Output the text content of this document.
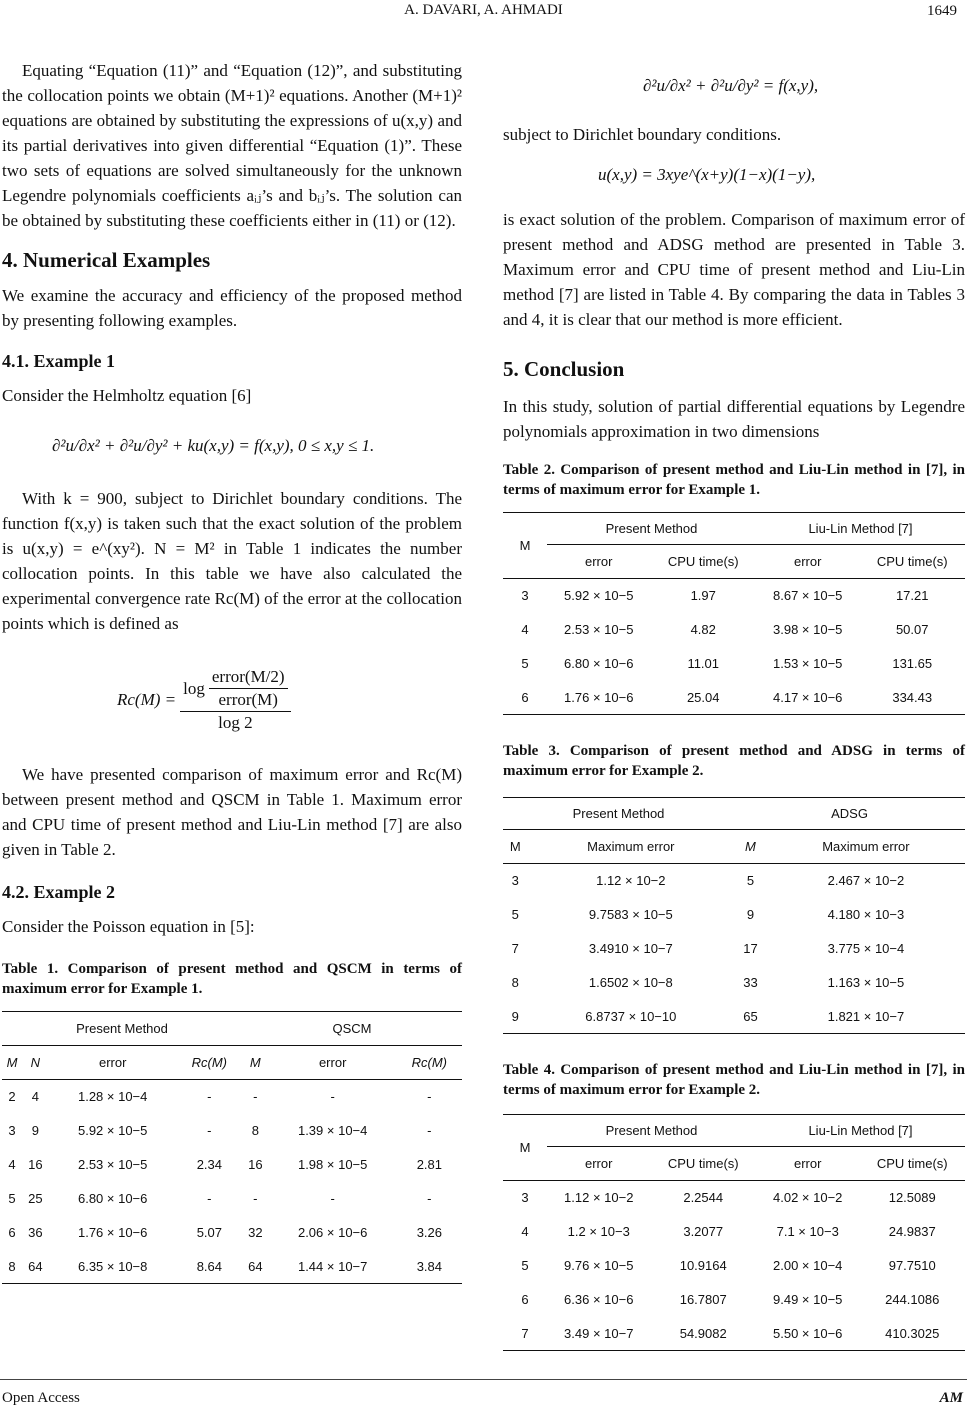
A. DAVARI, A. AHMADI	1649

Equating “Equation (11)” and “Equation (12)”, and substituting the collocation points we obtain (M+1)² equations. Another (M+1)² equations are obtained by substituting the expressions of u(x,y) and its partial derivatives into given differential “Equation (1)”. These two sets of equations are solved simultaneously for the unknown Legendre polynomials coefficients aᵢⱼ’s and bᵢⱼ’s. The solution can be obtained by substituting these coefficients either in (11) or (12).

4. Numerical Examples

We examine the accuracy and efficiency of the proposed method by presenting following examples.

4.1. Example 1

Consider the Helmholtz equation [6]

∂²u/∂x² + ∂²u/∂y² + ku(x,y) = f(x,y), 0 ≤ x,y ≤ 1.

With k = 900, subject to Dirichlet boundary conditions. The function f(x,y) is taken such that the exact solution of the problem is u(x,y) = e^(xy²). N = M² in Table 1 indicates the number collocation points. In this table we have also calculated the experimental convergence rate Rc(M) of the error at the collocation points which is defined as

$Rc(M) = \frac{\log \frac{\text{error(M/2)}}{\text{error(M)}}}{\log 2}$

We have presented comparison of maximum error and Rc(M) between present method and QSCM in Table 1. Maximum error and CPU time of present method and Liu-Lin method [7] are also given in Table 2.

4.2. Example 2

Consider the Poisson equation in [5]:

Table 1. Comparison of present method and QSCM in terms of maximum error for Example 1.
Present Method				QSCM		
M	N	error	Rc(M)	M	error	Rc(M)
2	4	1.28 × 10−4	-	-	-	-
3	9	5.92 × 10−5	-	8	1.39 × 10−4	-
4	16	2.53 × 10−5	2.34	16	1.98 × 10−5	2.81
5	25	6.80 × 10−6	-	-	-	-
6	36	1.76 × 10−6	5.07	32	2.06 × 10−6	3.26
8	64	6.35 × 10−8	8.64	64	1.44 × 10−7	3.84
∂²u/∂x² + ∂²u/∂y² = f(x,y),

subject to Dirichlet boundary conditions.

u(x,y) = 3xye^(x+y)(1−x)(1−y),

is exact solution of the problem. Comparison of maximum error of present method and ADSG method are presented in Table 3. Maximum error and CPU time of present method and Liu-Lin method [7] are listed in Table 4. By comparing the data in Tables 3 and 4, it is clear that our method is more efficient.

5. Conclusion

In this study, solution of partial differential equations by Legendre polynomials approximation in two dimensions

Table 2. Comparison of present method and Liu-Lin method in [7], in terms of maximum error for Example 1.
M	Present Method		Liu-Lin Method [7]	
	error	CPU time(s)	error	CPU time(s)
3	5.92 × 10−5	1.97	8.67 × 10−5	17.21
4	2.53 × 10−5	4.82	3.98 × 10−5	50.07
5	6.80 × 10−6	11.01	1.53 × 10−5	131.65
6	1.76 × 10−6	25.04	4.17 × 10−6	334.43
Table 3. Comparison of present method and ADSG in terms of maximum error for Example 2.
Present Method		ADSG	
M	Maximum error	M	Maximum error
3	1.12 × 10−2	5	2.467 × 10−2
5	9.7583 × 10−5	9	4.180 × 10−3
7	3.4910 × 10−7	17	3.775 × 10−4
8	1.6502 × 10−8	33	1.163 × 10−5
9	6.8737 × 10−10	65	1.821 × 10−7
Table 4. Comparison of present method and Liu-Lin method in [7], in terms of maximum error for Example 2.
M	Present Method		Liu-Lin Method [7]	
	error	CPU time(s)	error	CPU time(s)
3	1.12 × 10−2	2.2544	4.02 × 10−2	12.5089
4	1.2 × 10−3	3.2077	7.1 × 10−3	24.9837
5	9.76 × 10−5	10.9164	2.00 × 10−4	97.7510
6	6.36 × 10−6	16.7807	9.49 × 10−5	244.1086
7	3.49 × 10−7	54.9082	5.50 × 10−6	410.3025
Open Access	AM
